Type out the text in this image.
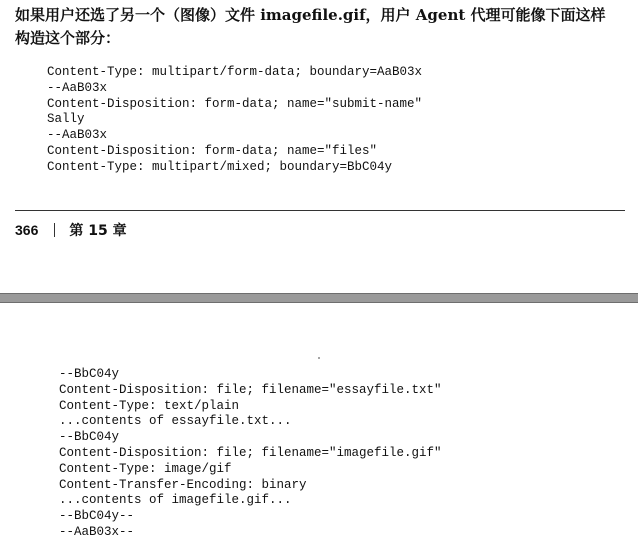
如果用户还选了另一个（图像）文件 imagefile.gif，用户 Agent 代理可能像下面这样
构造这个部分：

Content-Type: multipart/form-data; boundary=AaB03x
--AaB03x
Content-Disposition: form-data; name="submit-name"
Sally
--AaB03x
Content-Disposition: form-data; name="files"
Content-Type: multipart/mixed; boundary=BbC04y
366 第 15 章
--BbC04y
Content-Disposition: file; filename="essayfile.txt"
Content-Type: text/plain
...contents of essayfile.txt...
--BbC04y
Content-Disposition: file; filename="imagefile.gif"
Content-Type: image/gif
Content-Transfer-Encoding: binary
...contents of imagefile.gif...
--BbC04y--
--AaB03x--
